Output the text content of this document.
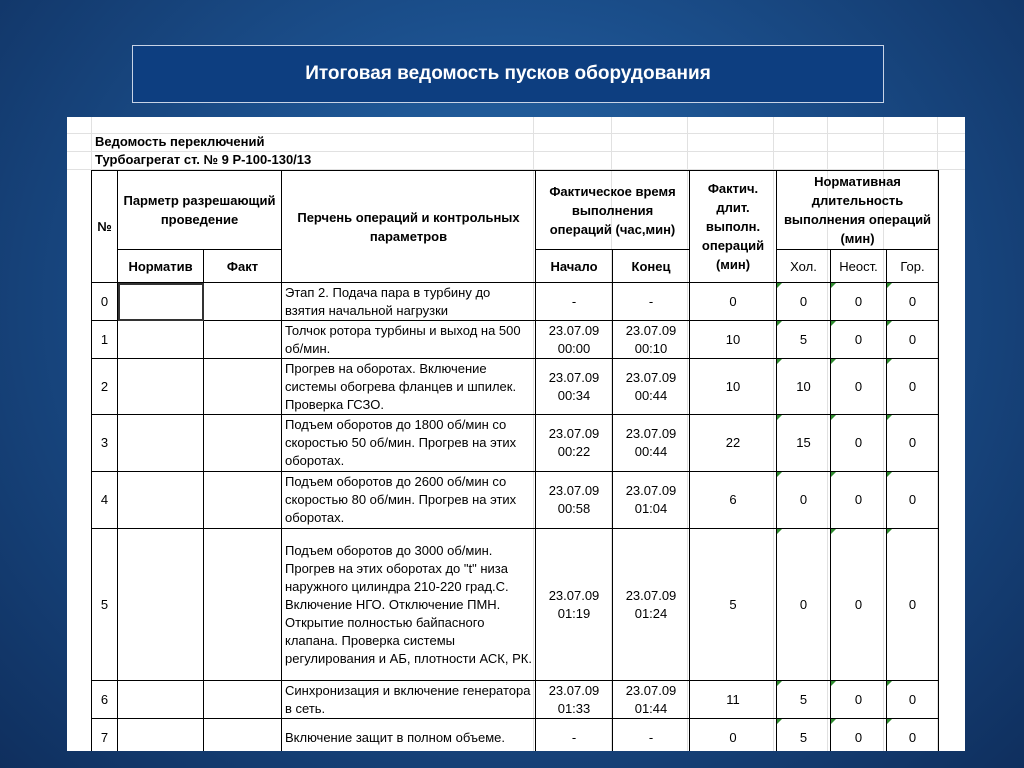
Итоговая ведомость пусков оборудования
Ведомость переключений
Турбоагрегат ст. № 9 Р-100-130/13
№	Парметр разрешающий проведение		Перчень операций и контрольных параметров	Фактическое время выполнения операций (час,мин)		Фактич. длит. выполн. операций (мин)	Нормативная длительность выполнения операций (мин)		
	Норматив	Факт		Начало	Конец		Хол.	Неост.	Гор.
0			Этап 2. Подача пара в турбину до взятия начальной нагрузки	-	-	0	0	0	0
1			Толчок ротора турбины и выход на 500 об/мин.	23.07.09 00:00	23.07.09 00:10	10	5	0	0
2			Прогрев на оборотах. Включение системы обогрева фланцев и шпилек. Проверка ГСЗО.	23.07.09 00:34	23.07.09 00:44	10	10	0	0
3			Подъем оборотов до 1800 об/мин со скоростью 50 об/мин. Прогрев на этих оборотах.	23.07.09 00:22	23.07.09 00:44	22	15	0	0
4			Подъем оборотов до 2600 об/мин со скоростью 80 об/мин. Прогрев на этих оборотах.	23.07.09 00:58	23.07.09 01:04	6	0	0	0
5			Подъем оборотов до 3000 об/мин. Прогрев на этих оборотах до "t" низа наружного цилиндра 210-220 град.С. Включение НГО. Отключение ПМН. Открытие полностью байпасного клапана. Проверка системы регулирования и АБ, плотности АСК, РК.	23.07.09 01:19	23.07.09 01:24	5	0	0	0
6			Синхронизация и включение генератора в сеть.	23.07.09 01:33	23.07.09 01:44	11	5	0	0
7			Включение защит в полном объеме.	-	-	0	5	0	0
